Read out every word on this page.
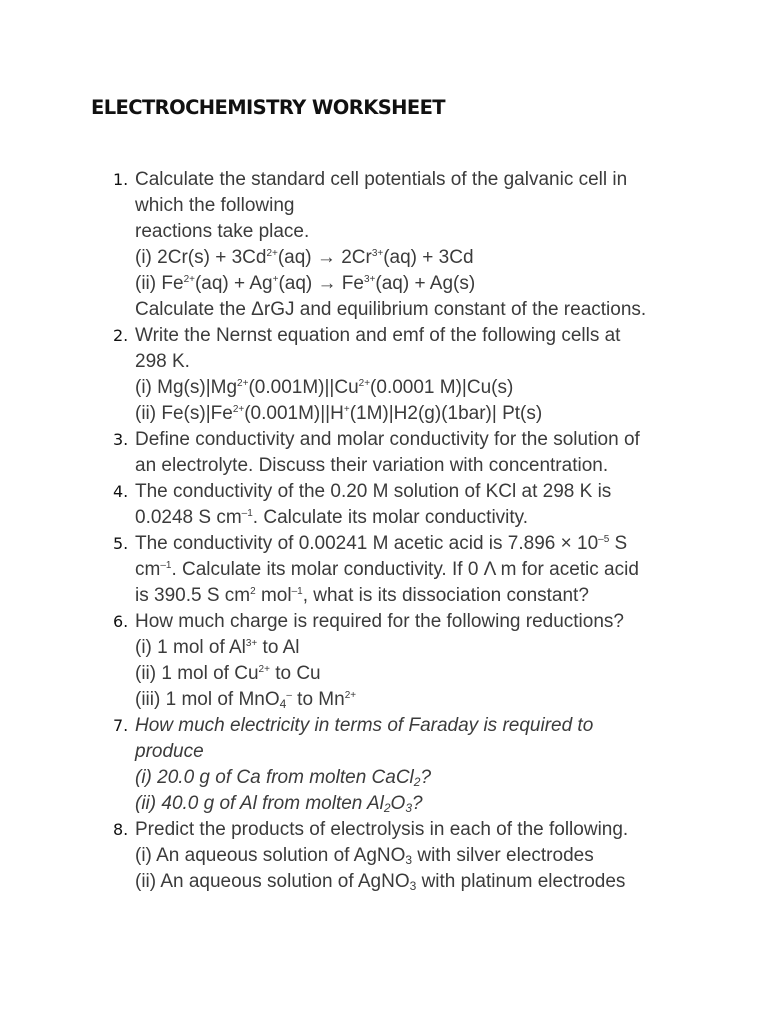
ELECTROCHEMISTRY WORKSHEET
1. Calculate the standard cell potentials of the galvanic cell in
which the following
reactions take place.
(i) $2Cr(s) + 3Cd^{2+}(aq) \to 2Cr^{3+}(aq) + 3Cd$
(ii) $Fe^{2+}(aq) + Ag^+(aq) \to Fe^{3+}(aq) + Ag(s)$
Calculate the ΔrGJ and equilibrium constant of the reactions.
2. Write the Nernst equation and emf of the following cells at
298 K.
(i) $Mg(s)|Mg^{2+}(0.001M)||Cu^{2+}(0.0001$ M)|Cu(s)
(ii) $Fe(s)|Fe^{2+}(0.001M)||H^+(1M)|H2(g)(1bar)|$ Pt(s)
3. Define conductivity and molar conductivity for the solution of
an electrolyte. Discuss their variation with concentration.
4. The conductivity of the 0.20 M solution of KCl at 298 K is
0.0248 S $cm^{-1}$. Calculate its molar conductivity.
5. The conductivity of 0.00241 M acetic acid is $7.896 \times 10^{-5}$ S
$cm^{-1}$. Calculate its molar conductivity. If 0 Λ m for acetic acid
is 390.5 S $cm^2$ mol$^{-1}$, what is its dissociation constant?
6. How much charge is required for the following reductions?
(i) 1 mol of $Al^{3+}$ to Al
(ii) 1 mol of $Cu^{2+}$ to Cu
(iii) 1 mol of MnO$_4$– to $Mn^{2+}$
7. How much electricity in terms of Faraday is required to
produce
(i) 20.0 g of Ca from molten CaCl$_2$?
(ii) 40.0 g of Al from molten $Al_2O_3$?
8. Predict the products of electrolysis in each of the following.
(i) An aqueous solution of AgNO$_3$ with silver electrodes
(ii) An aqueous solution of AgNO$_3$ with platinum electrodes
